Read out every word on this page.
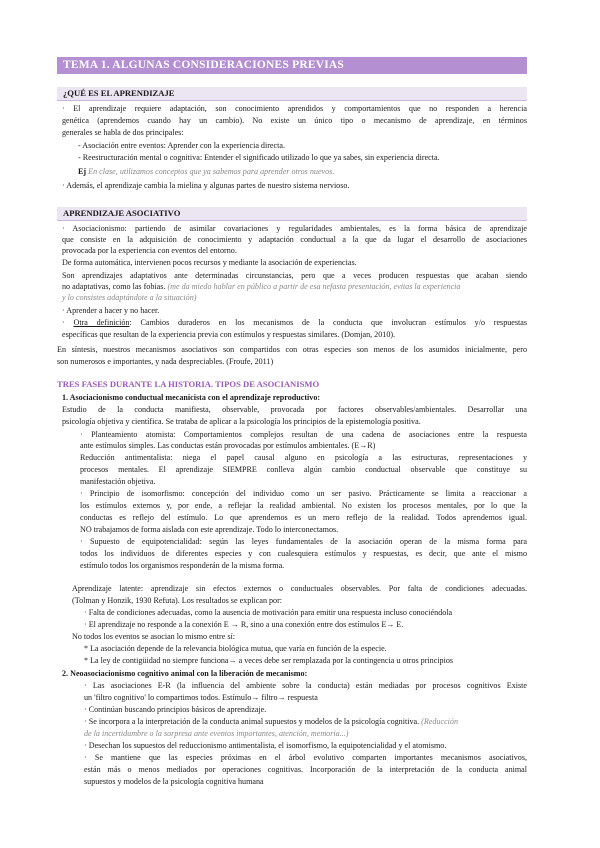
TEMA 1. ALGUNAS CONSIDERACIONES PREVIAS
¿QUÉ ES EL APRENDIZAJE
· El aprendizaje requiere adaptación, son conocimiento aprendidos y comportamientos que no responden a herencia
genética (aprendemos cuando hay un cambio). No existe un único tipo o mecanismo de aprendizaje, en términos
generales se habla de dos principales:
- Asociación entre eventos: Aprender con la experiencia directa.
- Reestructuración mental o cognitiva: Entender el significado utilizado lo que ya sabes, sin experiencia directa.
Ej En clase, utilizamos conceptos que ya sabemos para aprender otros nuevos.
· Además, el aprendizaje cambia la mielina y algunas partes de nuestro sistema nervioso.
APRENDIZAJE ASOCIATIVO
· Asociacionismo: partiendo de asimilar covariaciones y regularidades ambientales, es la forma básica de aprendizaje
que consiste en la adquisición de conocimiento y adaptación conductual a la que da lugar el desarrollo de asociaciones
provocada por la experiencia con eventos del entorno.
De forma automática, intervienen pocos recursos y mediante la asociación de experiencias.
Son aprendizajes adaptativos ante determinadas circunstancias, pero que a veces producen respuestas que acaban siendo
no adaptativas, como las fobias. (me da miedo hablar en público a partir de esa nefasta presentación, evitas la experiencia
y lo consistes adaptándote a la situación)
· Aprender a hacer y no hacer.
· Otra definición: Cambios duraderos en los mecanismos de la conducta que involucran estímulos y/o respuestas
específicas que resultan de la experiencia previa con estímulos y respuestas similares. (Domjan, 2010).
En síntesis, nuestros mecanismos asociativos son compartidos con otras especies son menos de los asumidos inicialmente, pero
son numerosos e importantes, y nada despreciables. (Froufe, 2011)
TRES FASES DURANTE LA HISTORIA. TIPOS DE ASOCIANISMO
1. Asociacionismo conductual mecanicista con el aprendizaje reproductivo:
Estudio de la conducta manifiesta, observable, provocada por factores observables/ambientales. Desarrollar una
psicología objetiva y científica. Se trataba de aplicar a la psicología los principios de la epistemología positiva.
· Planteamiento atomista: Comportamientos complejos resultan de una cadena de asociaciones entre la respuesta
ante estímulos simples. Las conductas están provocadas por estímulos ambientales. (E→R)
Reducción antimentalista: niega el papel causal alguno en psicología a las estructuras, representaciones y
procesos mentales. El aprendizaje SIEMPRE conlleva algún cambio conductual observable que constituye su
manifestación objetiva.
· Principio de isomorfismo: concepción del individuo como un ser pasivo. Prácticamente se limita a reaccionar a
los estímulos externos y, por ende, a reflejar la realidad ambiental. No existen los procesos mentales, por lo que la
conductas es reflejo del estímulo. Lo que aprendemos es un mero reflejo de la realidad. Todos aprendemos igual.
NO trabajamos de forma aislada con este aprendizaje. Todo lo interconectamos.
· Supuesto de equipotencialidad: según las leyes fundamentales de la asociación operan de la misma forma para
todos los individuos de diferentes especies y con cualesquiera estímulos y respuestas, es decir, que ante el mismo
estímulo todos los organismos responderán de la misma forma.
Aprendizaje latente: aprendizaje sin efectos externos o conductuales observables. Por falta de condiciones adecuadas.
(Tolman y Honzik, 1930 Refuta). Los resultados se explican por:
· Falta de condiciones adecuadas, como la ausencia de motivación para emitir una respuesta incluso conociéndola
· El aprendizaje no responde a la conexión E → R, sino a una conexión entre dos estímulos E→ E.
No todos los eventos se asocian lo mismo entre sí:
* La asociación depende de la relevancia biológica mutua, que varía en función de la especie.
* La ley de contigüidad no siempre funciona→ a veces debe ser remplazada por la contingencia u otros principios
2. Neoasociacionismo cognitivo animal con la liberación de mecanismo:
· Las asociaciones E-R (la influencia del ambiente sobre la conducta) están mediadas por procesos cognitivos Existe
un 'filtro cognitivo' lo compartimos todos. Estímulo→ filtro→ respuesta
· Continúan buscando principios básicos de aprendizaje.
· Se incorpora a la interpretación de la conducta animal supuestos y modelos de la psicología cognitiva. (Reducción
de la incertidumbre o la sorpresa ante eventos importantes, atención, memoria...)
· Desechan los supuestos del reduccionismo antimentalista, el isomorfismo, la equipotencialidad y el atomismo.
· Se mantiene que las especies próximas en el árbol evolutivo comparten importantes mecanismos asociativos,
están más o menos mediados por operaciones cognitivas. Incorporación de la interpretación de la conducta animal
supuestos y modelos de la psicología cognitiva humana
